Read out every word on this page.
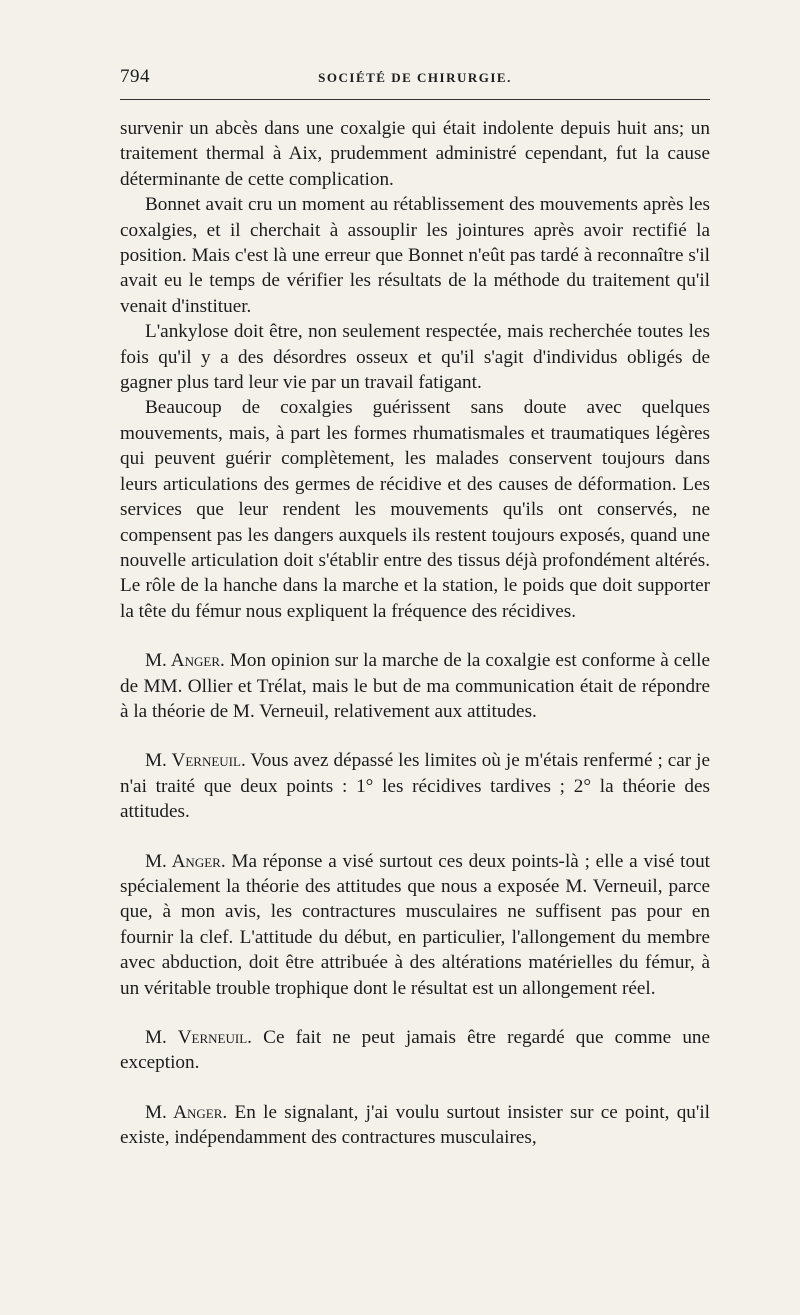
794	SOCIÉTÉ DE CHIRURGIE.

survenir un abcès dans une coxalgie qui était indolente depuis huit ans; un traitement thermal à Aix, prudemment administré cependant, fut la cause déterminante de cette complication.

Bonnet avait cru un moment au rétablissement des mouvements après les coxalgies, et il cherchait à assouplir les jointures après avoir rectifié la position. Mais c'est là une erreur que Bonnet n'eût pas tardé à reconnaître s'il avait eu le temps de vérifier les résultats de la méthode du traitement qu'il venait d'instituer.

L'ankylose doit être, non seulement respectée, mais recherchée toutes les fois qu'il y a des désordres osseux et qu'il s'agit d'individus obligés de gagner plus tard leur vie par un travail fatigant.

Beaucoup de coxalgies guérissent sans doute avec quelques mouvements, mais, à part les formes rhumatismales et traumatiques légères qui peuvent guérir complètement, les malades conservent toujours dans leurs articulations des germes de récidive et des causes de déformation. Les services que leur rendent les mouvements qu'ils ont conservés, ne compensent pas les dangers auxquels ils restent toujours exposés, quand une nouvelle articulation doit s'établir entre des tissus déjà profondément altérés. Le rôle de la hanche dans la marche et la station, le poids que doit supporter la tête du fémur nous expliquent la fréquence des récidives.

M. Anger. Mon opinion sur la marche de la coxalgie est conforme à celle de MM. Ollier et Trélat, mais le but de ma communication était de répondre à la théorie de M. Verneuil, relativement aux attitudes.

M. Verneuil. Vous avez dépassé les limites où je m'étais renfermé ; car je n'ai traité que deux points : 1° les récidives tardives ; 2° la théorie des attitudes.

M. Anger. Ma réponse a visé surtout ces deux points-là ; elle a visé tout spécialement la théorie des attitudes que nous a exposée M. Verneuil, parce que, à mon avis, les contractures musculaires ne suffisent pas pour en fournir la clef. L'attitude du début, en particulier, l'allongement du membre avec abduction, doit être attribuée à des altérations matérielles du fémur, à un véritable trouble trophique dont le résultat est un allongement réel.

M. Verneuil. Ce fait ne peut jamais être regardé que comme une exception.

M. Anger. En le signalant, j'ai voulu surtout insister sur ce point, qu'il existe, indépendamment des contractures musculaires,
